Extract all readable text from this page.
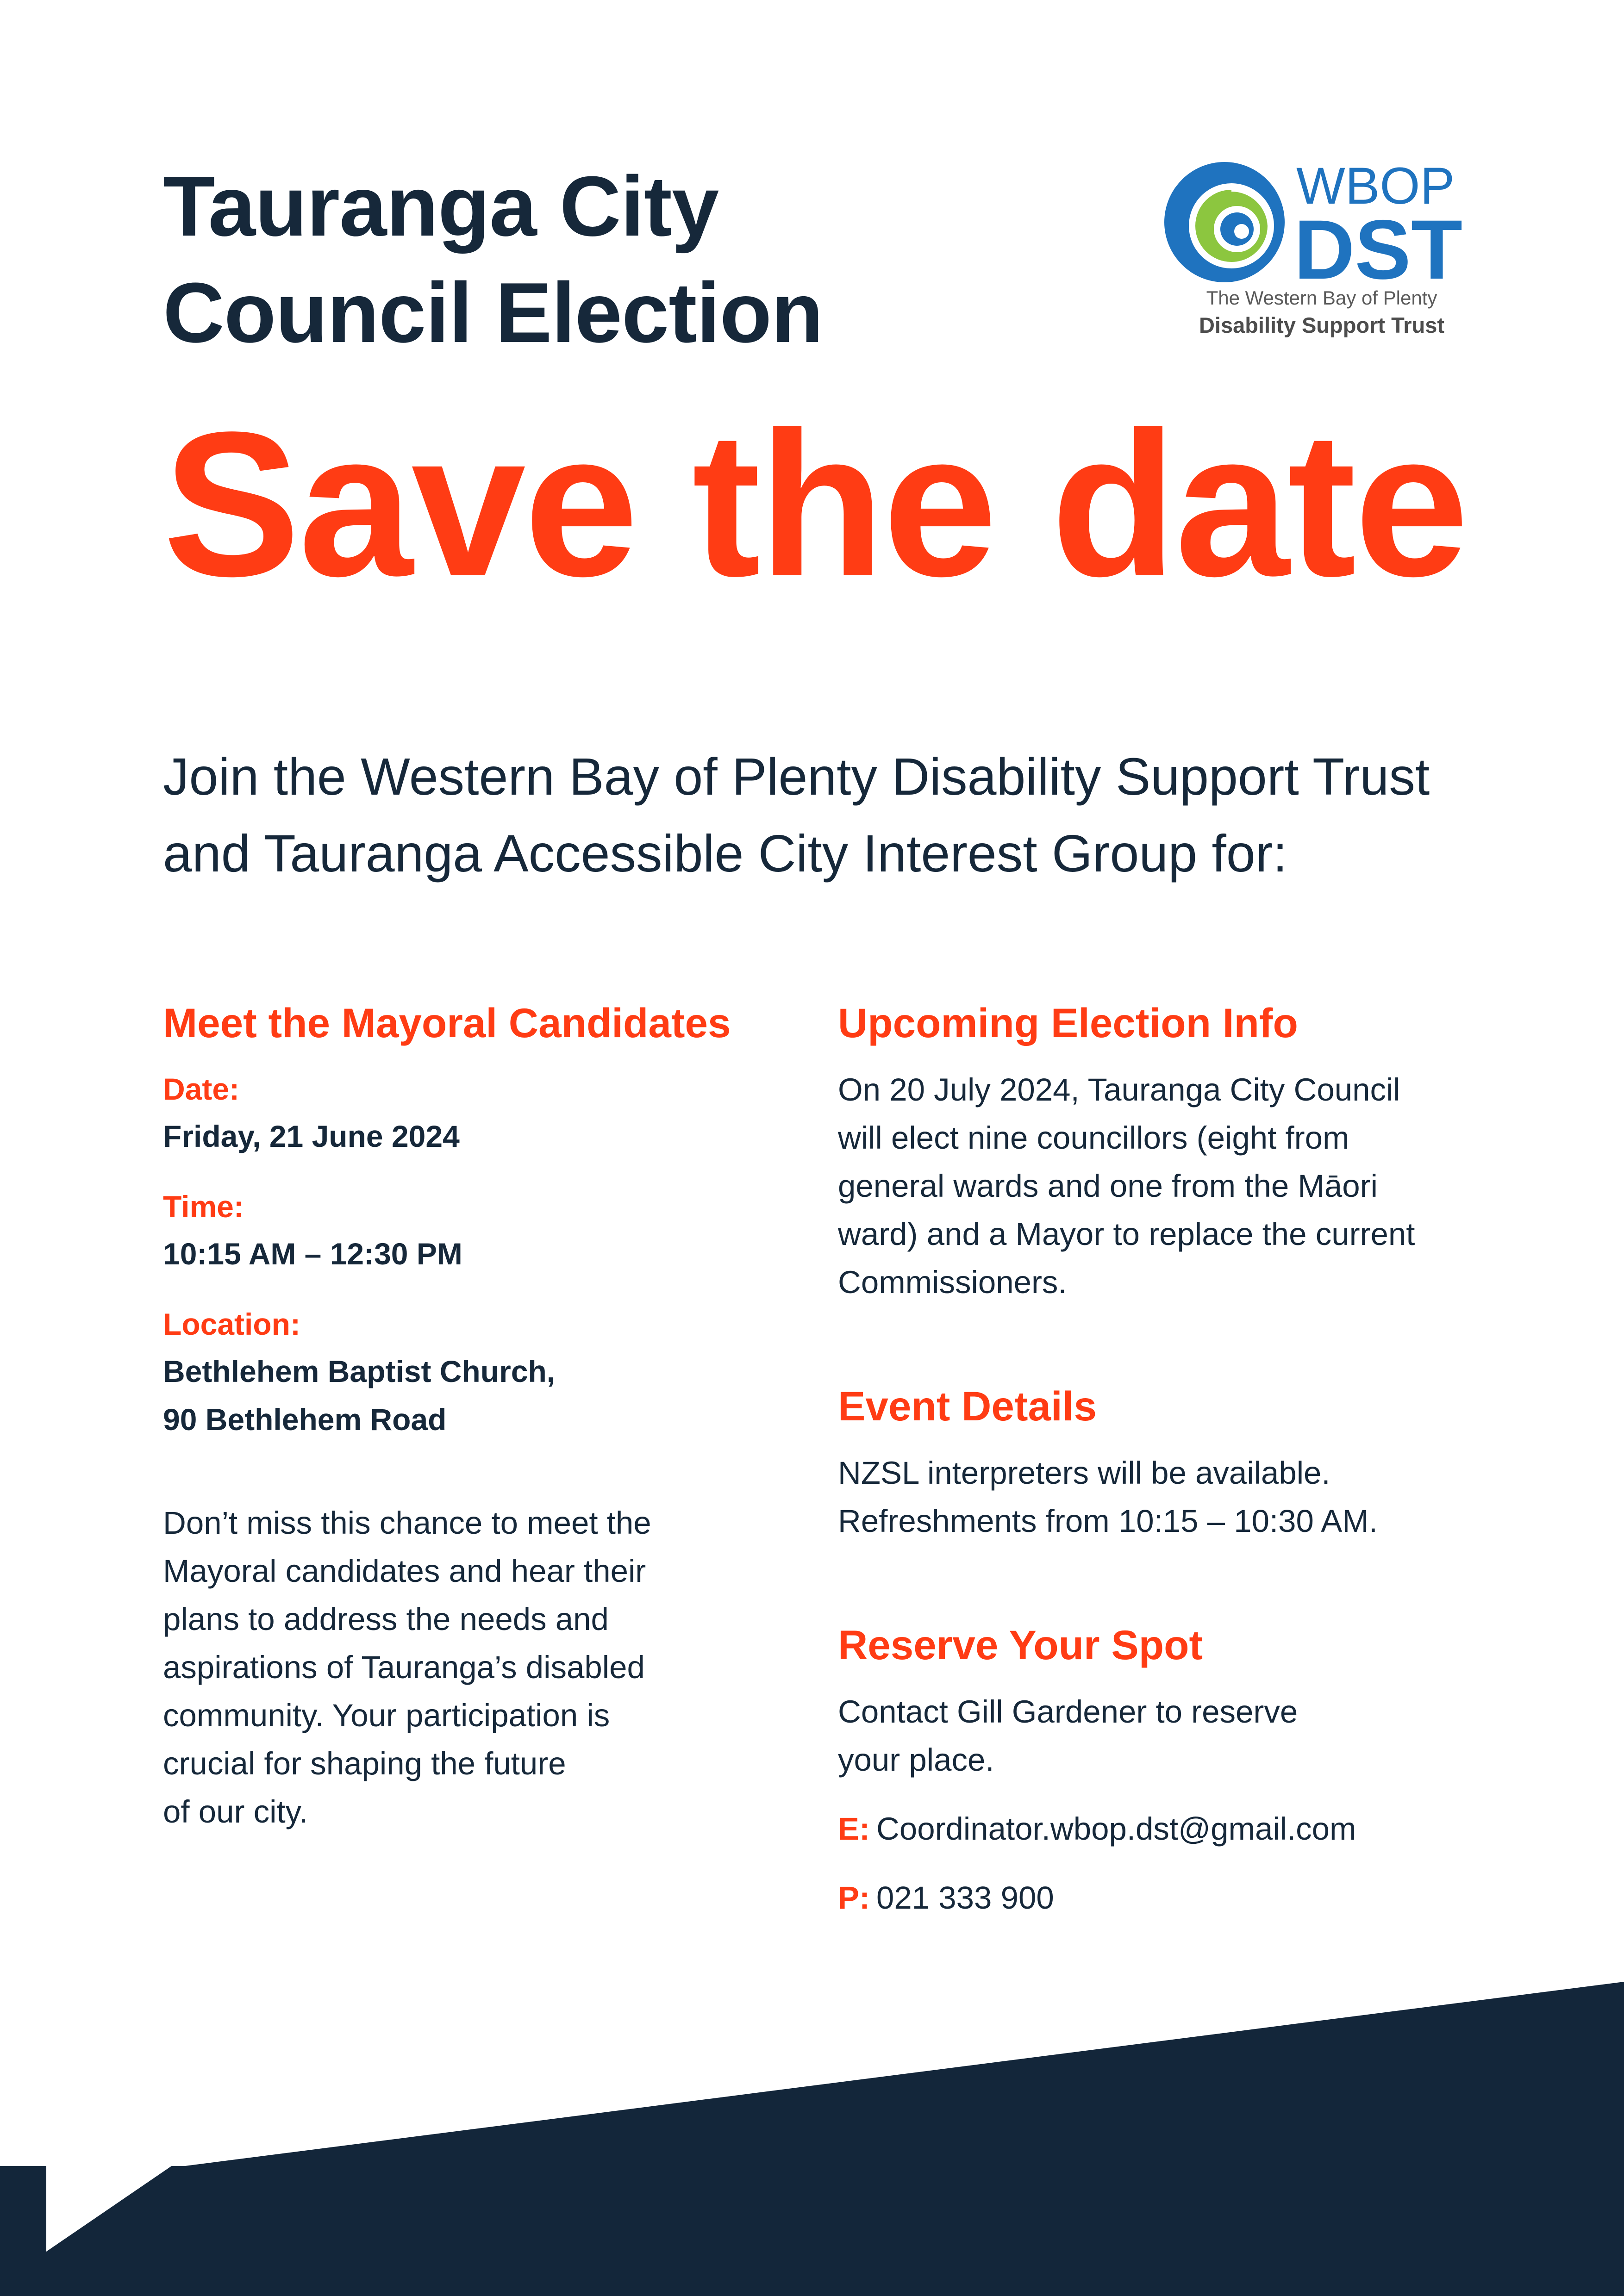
Tauranga City
Council Election
WBOP
DST
The Western Bay of Plenty
Disability Support Trust
Save the date

Join the Western Bay of Plenty Disability Support Trust
and Tauranga Accessible City Interest Group for:

Meet the Mayoral Candidates

Date:

Friday, 21 June 2024

Time:

10:15 AM – 12:30 PM

Location:

Bethlehem Baptist Church,

90 Bethlehem Road

Don’t miss this chance to meet the

Mayoral candidates and hear their

plans to address the needs and

aspirations of Tauranga’s disabled

community. Your participation is

crucial for shaping the future

of our city.

Upcoming Election Info

On 20 July 2024, Tauranga City Council

will elect nine councillors (eight from

general wards and one from the Māori

ward) and a Mayor to replace the current

Commissioners.

Event Details

NZSL interpreters will be available.

Refreshments from 10:15 – 10:30 AM.

Reserve Your Spot

Contact Gill Gardener to reserve

your place.

E: Coordinator.wbop.dst@gmail.com

P: 021 333 900
